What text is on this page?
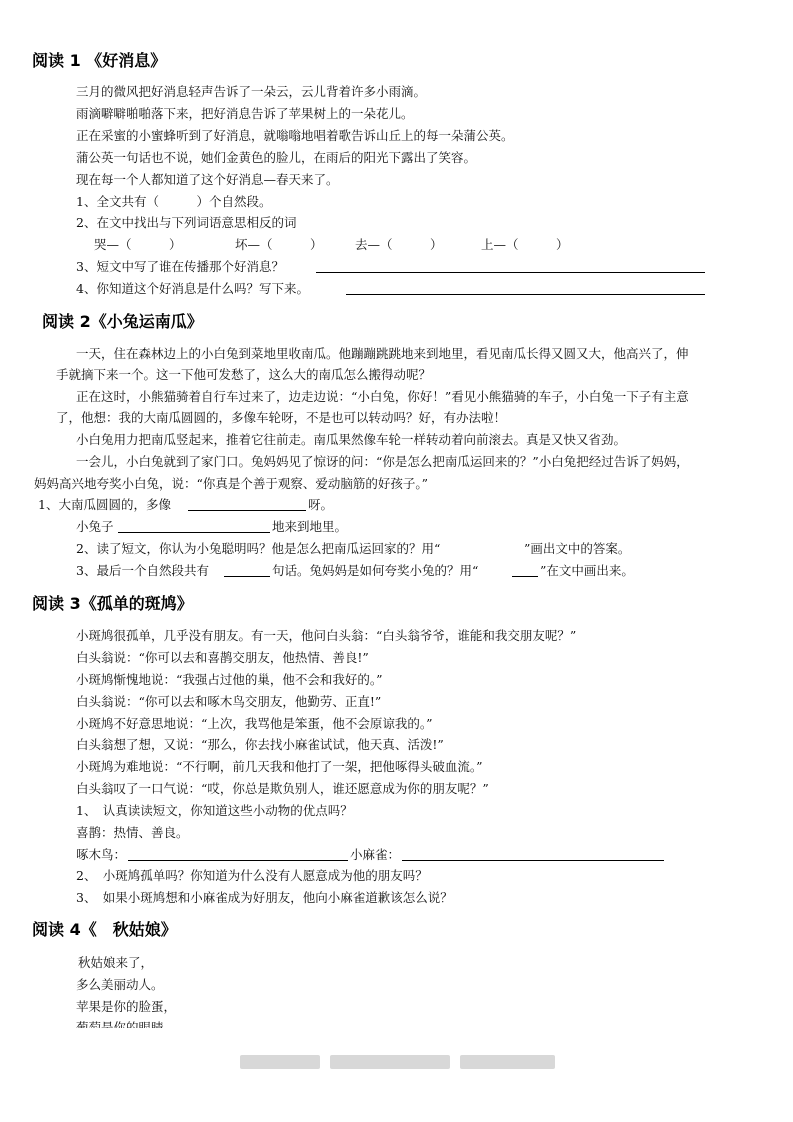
阅读 1 《好消息》
三月的微风把好消息轻声告诉了一朵云，云儿背着许多小雨滴。
雨滴噼噼啪啪落下来，把好消息告诉了苹果树上的一朵花儿。
正在采蜜的小蜜蜂听到了好消息，就嗡嗡地唱着歌告诉山丘上的每一朵蒲公英。
蒲公英一句话也不说，她们金黄色的脸儿，在雨后的阳光下露出了笑容。
现在每一个人都知道了这个好消息—春天来了。
1、全文共有（　　　）个自然段。
2、在文中找出与下列词语意思相反的词
哭—（　　　）	坏—（　　　）	去—（　　　）	上—（　　　）
3、短文中写了谁在传播那个好消息？
4、你知道这个好消息是什么吗？写下来。
阅读 2《小兔运南瓜》
一天，住在森林边上的小白兔到菜地里收南瓜。他蹦蹦跳跳地来到地里，看见南瓜长得又圆又大，他高兴了，伸
手就摘下来一个。这一下他可发愁了，这么大的南瓜怎么搬得动呢？
正在这时，小熊猫骑着自行车过来了，边走边说：“小白兔，你好！”看见小熊猫骑的车子，小白兔一下子有主意
了，他想：我的大南瓜圆圆的，多像车轮呀，不是也可以转动吗？好，有办法啦！
小白兔用力把南瓜竖起来，推着它往前走。南瓜果然像车轮一样转动着向前滚去。真是又快又省劲。
一会儿，小白兔就到了家门口。兔妈妈见了惊讶的问：“你是怎么把南瓜运回来的？”小白兔把经过告诉了妈妈，
妈妈高兴地夸奖小白兔，说：“你真是个善于观察、爱动脑筋的好孩子。”
1、大南瓜圆圆的，多像	呀。
小兔子	地来到地里。
2、读了短文，你认为小兔聪明吗？他是怎么把南瓜运回家的？用“	”画出文中的答案。
3、最后一个自然段共有	句话。兔妈妈是如何夸奖小兔的？用“	”在文中画出来。
阅读 3《孤单的斑鸠》
小斑鸠很孤单，几乎没有朋友。有一天，他问白头翁：“白头翁爷爷，谁能和我交朋友呢？”
白头翁说：“你可以去和喜鹊交朋友，他热情、善良!”
小斑鸠惭愧地说：“我强占过他的巢，他不会和我好的。”
白头翁说：“你可以去和啄木鸟交朋友，他勤劳、正直!”
小斑鸠不好意思地说：“上次，我骂他是笨蛋，他不会原谅我的。”
白头翁想了想，又说：“那么，你去找小麻雀试试，他天真、活泼!”
小斑鸠为难地说：“不行啊，前几天我和他打了一架，把他啄得头破血流。”
白头翁叹了一口气说：“哎，你总是欺负别人，谁还愿意成为你的朋友呢？”
1、　认真读读短文，你知道这些小动物的优点吗？
喜鹊：热情、善良。
啄木鸟：	小麻雀：
2、　小斑鸠孤单吗？你知道为什么没有人愿意成为他的朋友吗？
3、　如果小斑鸠想和小麻雀成为好朋友，他向小麻雀道歉该怎么说？
阅读 4《　秋姑娘》
秋姑娘来了，
多么美丽动人。
苹果是你的脸蛋，
